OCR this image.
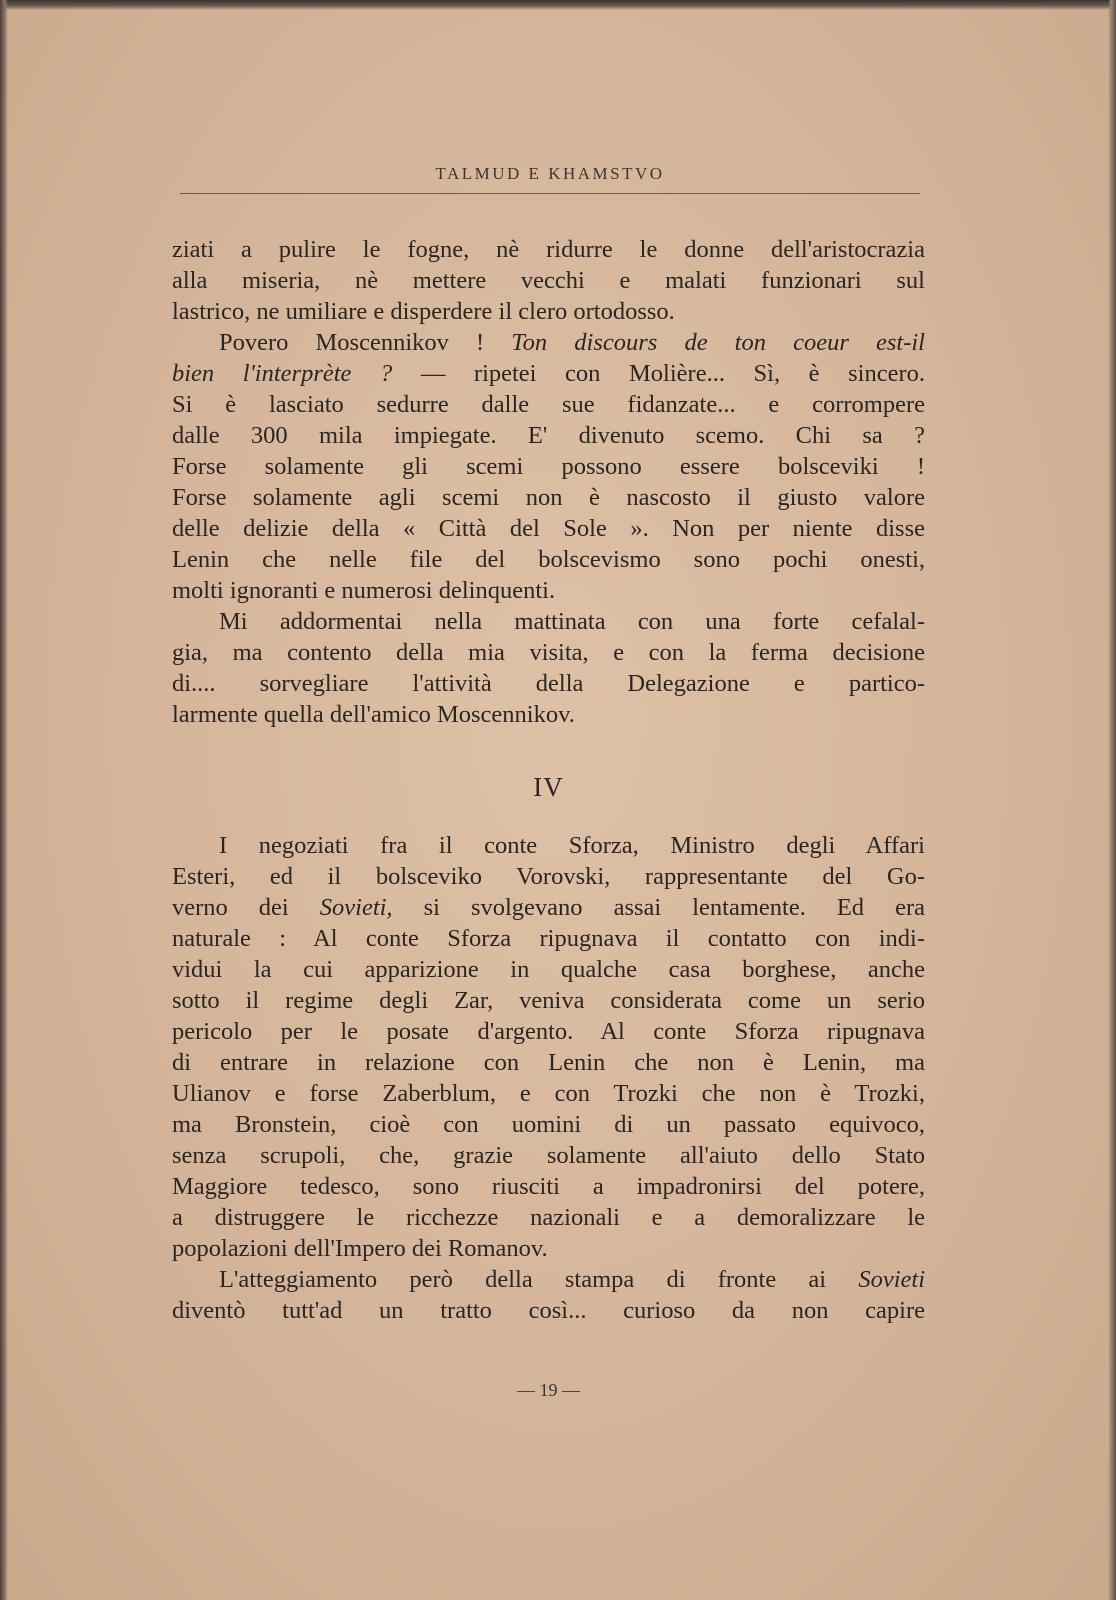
TALMUD E KHAMSTVO
ziati a pulire le fogne, nè ridurre le donne dell'aristocrazia
alla miseria, nè mettere vecchi e malati funzionari sul
lastrico, ne umiliare e disperdere il clero ortodosso.
Povero Moscennikov ! Ton discours de ton coeur est-il
bien l'interprète ? — ripetei con Molière... Sì, è sincero.
Si è lasciato sedurre dalle sue fidanzate... e corrompere
dalle 300 mila impiegate. E' divenuto scemo. Chi sa ?
Forse solamente gli scemi possono essere bolsceviki !
Forse solamente agli scemi non è nascosto il giusto valore
delle delizie della « Città del Sole ». Non per niente disse
Lenin che nelle file del bolscevismo sono pochi onesti,
molti ignoranti e numerosi delinquenti.
Mi addormentai nella mattinata con una forte cefalal-
gia, ma contento della mia visita, e con la ferma decisione
di.... sorvegliare l'attività della Delegazione e partico-
larmente quella dell'amico Moscennikov.
IV
I negoziati fra il conte Sforza, Ministro degli Affari
Esteri, ed il bolsceviko Vorovski, rappresentante del Go-
verno dei Sovieti, si svolgevano assai lentamente. Ed era
naturale : Al conte Sforza ripugnava il contatto con indi-
vidui la cui apparizione in qualche casa borghese, anche
sotto il regime degli Zar, veniva considerata come un serio
pericolo per le posate d'argento. Al conte Sforza ripugnava
di entrare in relazione con Lenin che non è Lenin, ma
Ulianov e forse Zaberblum, e con Trozki che non è Trozki,
ma Bronstein, cioè con uomini di un passato equivoco,
senza scrupoli, che, grazie solamente all'aiuto dello Stato
Maggiore tedesco, sono riusciti a impadronirsi del potere,
a distruggere le ricchezze nazionali e a demoralizzare le
popolazioni dell'Impero dei Romanov.
L'atteggiamento però della stampa di fronte ai Sovieti
diventò tutt'ad un tratto così... curioso da non capire
— 19 —
